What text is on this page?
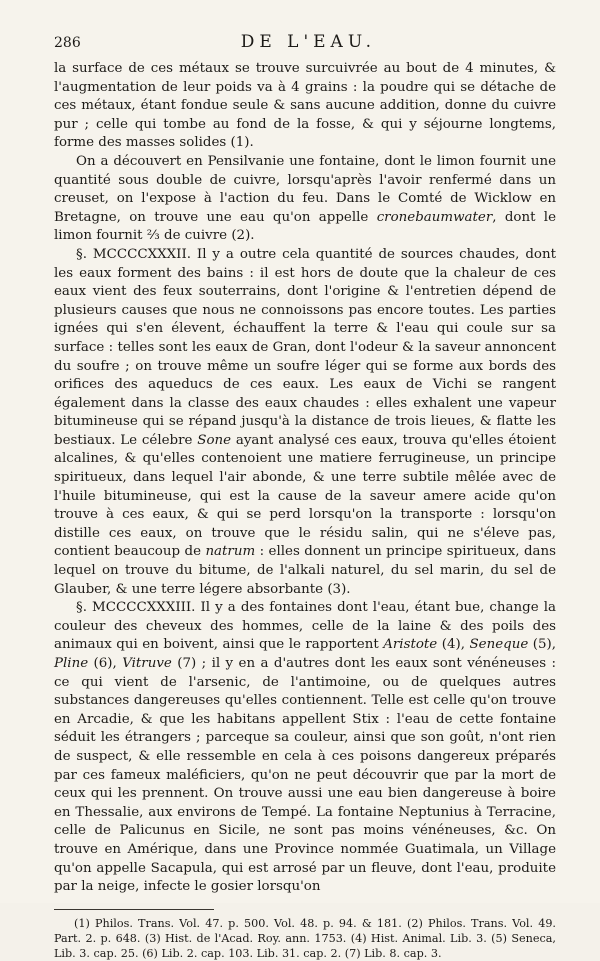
286	DE L'EAU.

la surface de ces métaux se trouve surcuivrée au bout de 4 minutes, & l'augmentation de leur poids va à 4 grains : la poudre qui se détache de ces métaux, étant fondue seule & sans aucune addition, donne du cuivre pur ; celle qui tombe au fond de la fosse, & qui y séjourne longtems, forme des masses solides (1).

On a découvert en Pensilvanie une fontaine, dont le limon fournit une quantité sous double de cuivre, lorsqu'après l'avoir renfermé dans un creuset, on l'expose à l'action du feu. Dans le Comté de Wicklow en Bretagne, on trouve une eau qu'on appelle cronebaumwater, dont le limon fournit ⅔ de cuivre (2).

§. MCCCCXXXII. Il y a outre cela quantité de sources chaudes, dont les eaux forment des bains : il est hors de doute que la chaleur de ces eaux vient des feux souterrains, dont l'origine & l'entretien dépend de plusieurs causes que nous ne connoissons pas encore toutes. Les parties ignées qui s'en élevent, échauffent la terre & l'eau qui coule sur sa surface : telles sont les eaux de Gran, dont l'odeur & la saveur annoncent du soufre ; on trouve même un soufre léger qui se forme aux bords des orifices des aqueducs de ces eaux. Les eaux de Vichi se rangent également dans la classe des eaux chaudes : elles exhalent une vapeur bitumineuse qui se répand jusqu'à la distance de trois lieues, & flatte les bestiaux. Le célebre Sone ayant analysé ces eaux, trouva qu'elles étoient alcalines, & qu'elles contenoient une matiere ferrugineuse, un principe spiritueux, dans lequel l'air abonde, & une terre subtile mêlée avec de l'huile bitumineuse, qui est la cause de la saveur amere acide qu'on trouve à ces eaux, & qui se perd lorsqu'on la transporte : lorsqu'on distille ces eaux, on trouve que le résidu salin, qui ne s'éleve pas, contient beaucoup de natrum : elles donnent un principe spiritueux, dans lequel on trouve du bitume, de l'alkali naturel, du sel marin, du sel de Glauber, & une terre légere absorbante (3).

§. MCCCCXXXIII. Il y a des fontaines dont l'eau, étant bue, change la couleur des cheveux des hommes, celle de la laine & des poils des animaux qui en boivent, ainsi que le rapportent Aristote (4), Seneque (5), Pline (6), Vitruve (7) ; il y en a d'autres dont les eaux sont vénéneuses : ce qui vient de l'arsenic, de l'antimoine, ou de quelques autres substances dangereuses qu'elles contiennent. Telle est celle qu'on trouve en Arcadie, & que les habitans appellent Stix : l'eau de cette fontaine séduit les étrangers ; parceque sa couleur, ainsi que son goût, n'ont rien de suspect, & elle ressemble en cela à ces poisons dangereux préparés par ces fameux maléficiers, qu'on ne peut découvrir que par la mort de ceux qui les prennent. On trouve aussi une eau bien dangereuse à boire en Thessalie, aux environs de Tempé. La fontaine Neptunius à Terracine, celle de Palicunus en Sicile, ne sont pas moins vénéneuses, &c. On trouve en Amérique, dans une Province nommée Guatimala, un Village qu'on appelle Sacapula, qui est arrosé par un fleuve, dont l'eau, produite par la neige, infecte le gosier lorsqu'on

(1) Philos. Trans. Vol. 47. p. 500. Vol. 48. p. 94. & 181. (2) Philos. Trans. Vol. 49. Part. 2. p. 648. (3) Hist. de l'Acad. Roy. ann. 1753. (4) Hist. Animal. Lib. 3. (5) Seneca, Lib. 3. cap. 25. (6) Lib. 2. cap. 103. Lib. 31. cap. 2. (7) Lib. 8. cap. 3.
